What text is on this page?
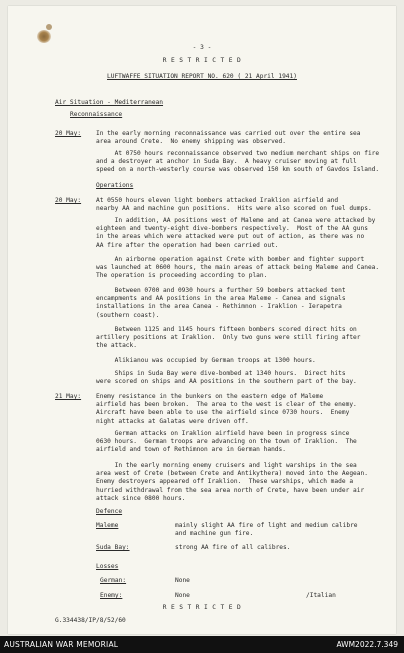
- 3 -
R E S T R I C T E D
LUFTWAFFE SITUATION REPORT NO. 620 ( 21 April 1941)
Air Situation - Mediterranean
Reconnaissance
20 May: In the early morning reconnaissance was carried out over the entire sea
area around Crete.  No enemy shipping was observed.
At 0750 hours reconnaissance observed two medium merchant ships on fire
and a destroyer at anchor in Suda Bay.  A heavy cruiser moving at full
speed on a north-westerly course was observed 150 km south of Gavdos Island.
Operations
20 May: At 0550 hours eleven light bombers attacked Iraklion airfield and
nearby AA and machine gun positions.  Hits were also scored on fuel dumps.
In addition, AA positions west of Maleme and at Canea were attacked by
eighteen and twenty-eight dive-bombers respectively.  Most of the AA guns
in the areas which were attacked were put out of action, as there was no
AA fire after the operation had been carried out.
An airborne operation against Crete with bomber and fighter support
was launched at 0600 hours, the main areas of attack being Maleme and Canea.
The operation is proceeding according to plan.
Between 0700 and 0930 hours a further 59 bombers attacked tent
encampments and AA positions in the area Maleme - Canea and signals
installations in the area Canea - Rethimnon - Iraklion - Ierapetra
(southern coast).
Between 1125 and 1145 hours fifteen bombers scored direct hits on
artillery positions at Iraklion.  Only two guns were still firing after
the attack.
Alikianou was occupied by German troops at 1300 hours.
Ships in Suda Bay were dive-bombed at 1340 hours.  Direct hits
were scored on ships and AA positions in the southern part of the bay.
21 May: Enemy resistance in the bunkers on the eastern edge of Maleme
airfield has been broken.  The area to the west is clear of the enemy.
Aircraft have been able to use the airfield since 0730 hours.  Enemy
night attacks at Galatas were driven off.
German attacks on Iraklion airfield have been in progress since
0630 hours.  German troops are advancing on the town of Iraklion.  The
airfield and town of Rethimnon are in German hands.
In the early morning enemy cruisers and light warships in the sea
area west of Crete (between Crete and Antikythera) moved into the Aegean.
Enemy destroyers appeared off Iraklion.  These warships, which made a
hurried withdrawal from the sea area north of Crete, have been under air
attack since 0800 hours.
Defence
Maleme	mainly slight AA fire of light and medium calibre
and machine gun fire.
Suda Bay:	strong AA fire of all calibres.
Losses
German:	None
Enemy:	None	/Italian
R E S T R I C T E D
G.334438/IP/8/52/60
AUSTRALIAN WAR MEMORIAL	AWM2022.7.349
